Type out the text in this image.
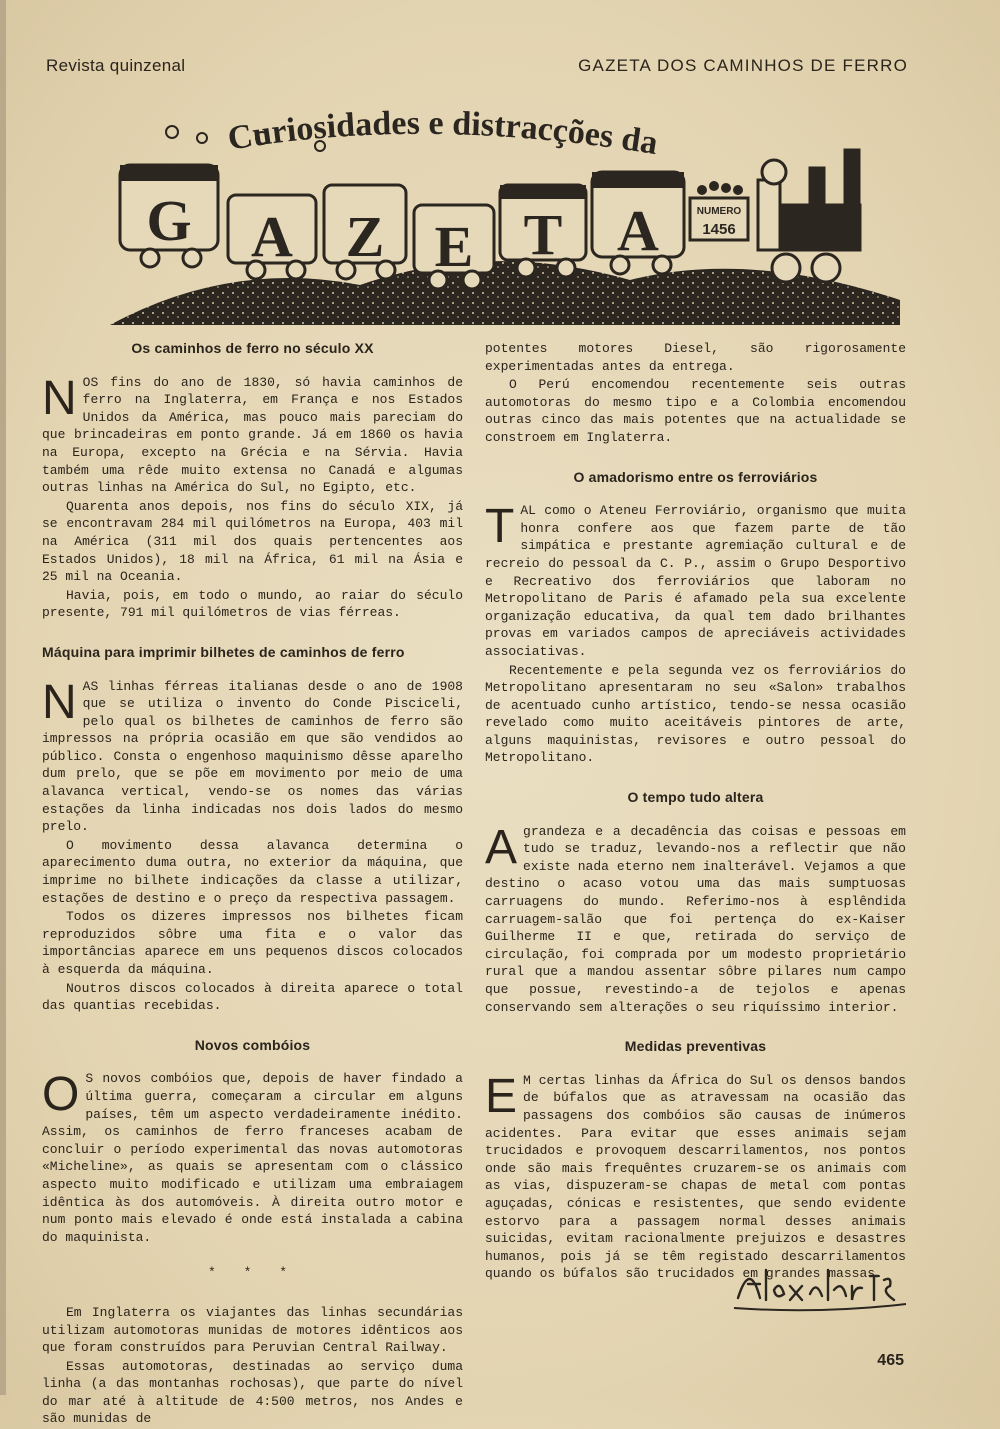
Revista quinzenal	GAZETA DOS CAMINHOS DE FERRO
Curiosidades e distracções da
G A Z E T A	NUMERO
1456
Os caminhos de ferro no século XX

NOS fins do ano de 1830, só havia caminhos de ferro na Inglaterra, em França e nos Estados Unidos da América, mas pouco mais pareciam do que brincadeiras em ponto grande. Já em 1860 os havia na Europa, excepto na Grécia e na Sérvia. Havia também uma rêde muito extensa no Canadá e algumas outras linhas na América do Sul, no Egipto, etc.

Quarenta anos depois, nos fins do século XIX, já se encontravam 284 mil quilómetros na Europa, 403 mil na América (311 mil dos quais pertencentes aos Estados Unidos), 18 mil na África, 61 mil na Ásia e 25 mil na Oceania.

Havia, pois, em todo o mundo, ao raiar do século presente, 791 mil quilómetros de vias férreas.

Máquina para imprimir bilhetes de caminhos de ferro

NAS linhas férreas italianas desde o ano de 1908 que se utiliza o invento do Conde Pisciceli, pelo qual os bilhetes de caminhos de ferro são impressos na própria ocasião em que são vendidos ao público. Consta o engenhoso maquinismo dêsse aparelho dum prelo, que se põe em movimento por meio de uma alavanca vertical, vendo-se os nomes das várias estações da linha indicadas nos dois lados do mesmo prelo.

O movimento dessa alavanca determina o aparecimento duma outra, no exterior da máquina, que imprime no bilhete indicações da classe a utilizar, estações de destino e o preço da respectiva passagem.

Todos os dizeres impressos nos bilhetes ficam reproduzidos sôbre uma fita e o valor das importâncias aparece em uns pequenos discos colocados à esquerda da máquina.

Noutros discos colocados à direita aparece o total das quantias recebidas.

Novos combóios

O S novos combóios que, depois de haver findado a última guerra, começaram a circular em alguns países, têm um aspecto verdadeiramente inédito. Assim, os caminhos de ferro franceses acabam de concluir o período experimental das novas automotoras «Micheline», as quais se apresentam com o clássico aspecto muito modificado e utilizam uma embraiagem idêntica às dos automóveis. À direita outro motor e num ponto mais elevado é onde está instalada a cabina do maquinista.

* * *

Em Inglaterra os viajantes das linhas secundárias utilizam automotoras munidas de motores idênticos aos que foram construídos para Peruvian Central Railway.

Essas automotoras, destinadas ao serviço duma linha (a das montanhas rochosas), que parte do nível do mar até à altitude de 4:500 metros, nos Andes e são munidas de

potentes motores Diesel, são rigorosamente experimentadas antes da entrega.

O Perú encomendou recentemente seis outras automotoras do mesmo tipo e a Colombia encomendou outras cinco das mais potentes que na actualidade se constroem em Inglaterra.

O amadorismo entre os ferroviários

TAL como o Ateneu Ferroviário, organismo que muita honra confere aos que fazem parte de tão simpática e prestante agremiação cultural e de recreio do pessoal da C. P., assim o Grupo Desportivo e Recreativo dos ferroviários que laboram no Metropolitano de Paris é afamado pela sua excelente organização educativa, da qual tem dado brilhantes provas em variados campos de apreciáveis actividades associativas.

Recentemente e pela segunda vez os ferroviários do Metropolitano apresentaram no seu «Salon» trabalhos de acentuado cunho artístico, tendo-se nessa ocasião revelado como muito aceitáveis pintores de arte, alguns maquinistas, revisores e outro pessoal do Metropolitano.

O tempo tudo altera

Agrandeza e a decadência das coisas e pessoas em tudo se traduz, levando-nos a reflectir que não existe nada eterno nem inalterável. Vejamos a que destino o acaso votou uma das mais sumptuosas carruagens do mundo. Referimo-nos à esplêndida carruagem-salão que foi pertença do ex-Kaiser Guilherme II e que, retirada do serviço de circulação, foi comprada por um modesto proprietário rural que a mandou assentar sôbre pilares num campo que possue, revestindo-a de tejolos e apenas conservando sem alterações o seu riquíssimo interior.

Medidas preventivas

E M certas linhas da África do Sul os densos bandos de búfalos que as atravessam na ocasião das passagens dos combóios são causas de inúmeros acidentes. Para evitar que esses animais sejam trucidados e provoquem descarrilamentos, nos pontos onde são mais frequêntes cruzarem-se os animais com as vias, dispuzeram-se chapas de metal com pontas aguçadas, cónicas e resistentes, que sendo evidente estorvo para a passagem normal desses animais suicidas, evitam racionalmente prejuizos e desastres humanos, pois já se têm registado descarrilamentos quando os búfalos são trucidados em grandes massas.

465
